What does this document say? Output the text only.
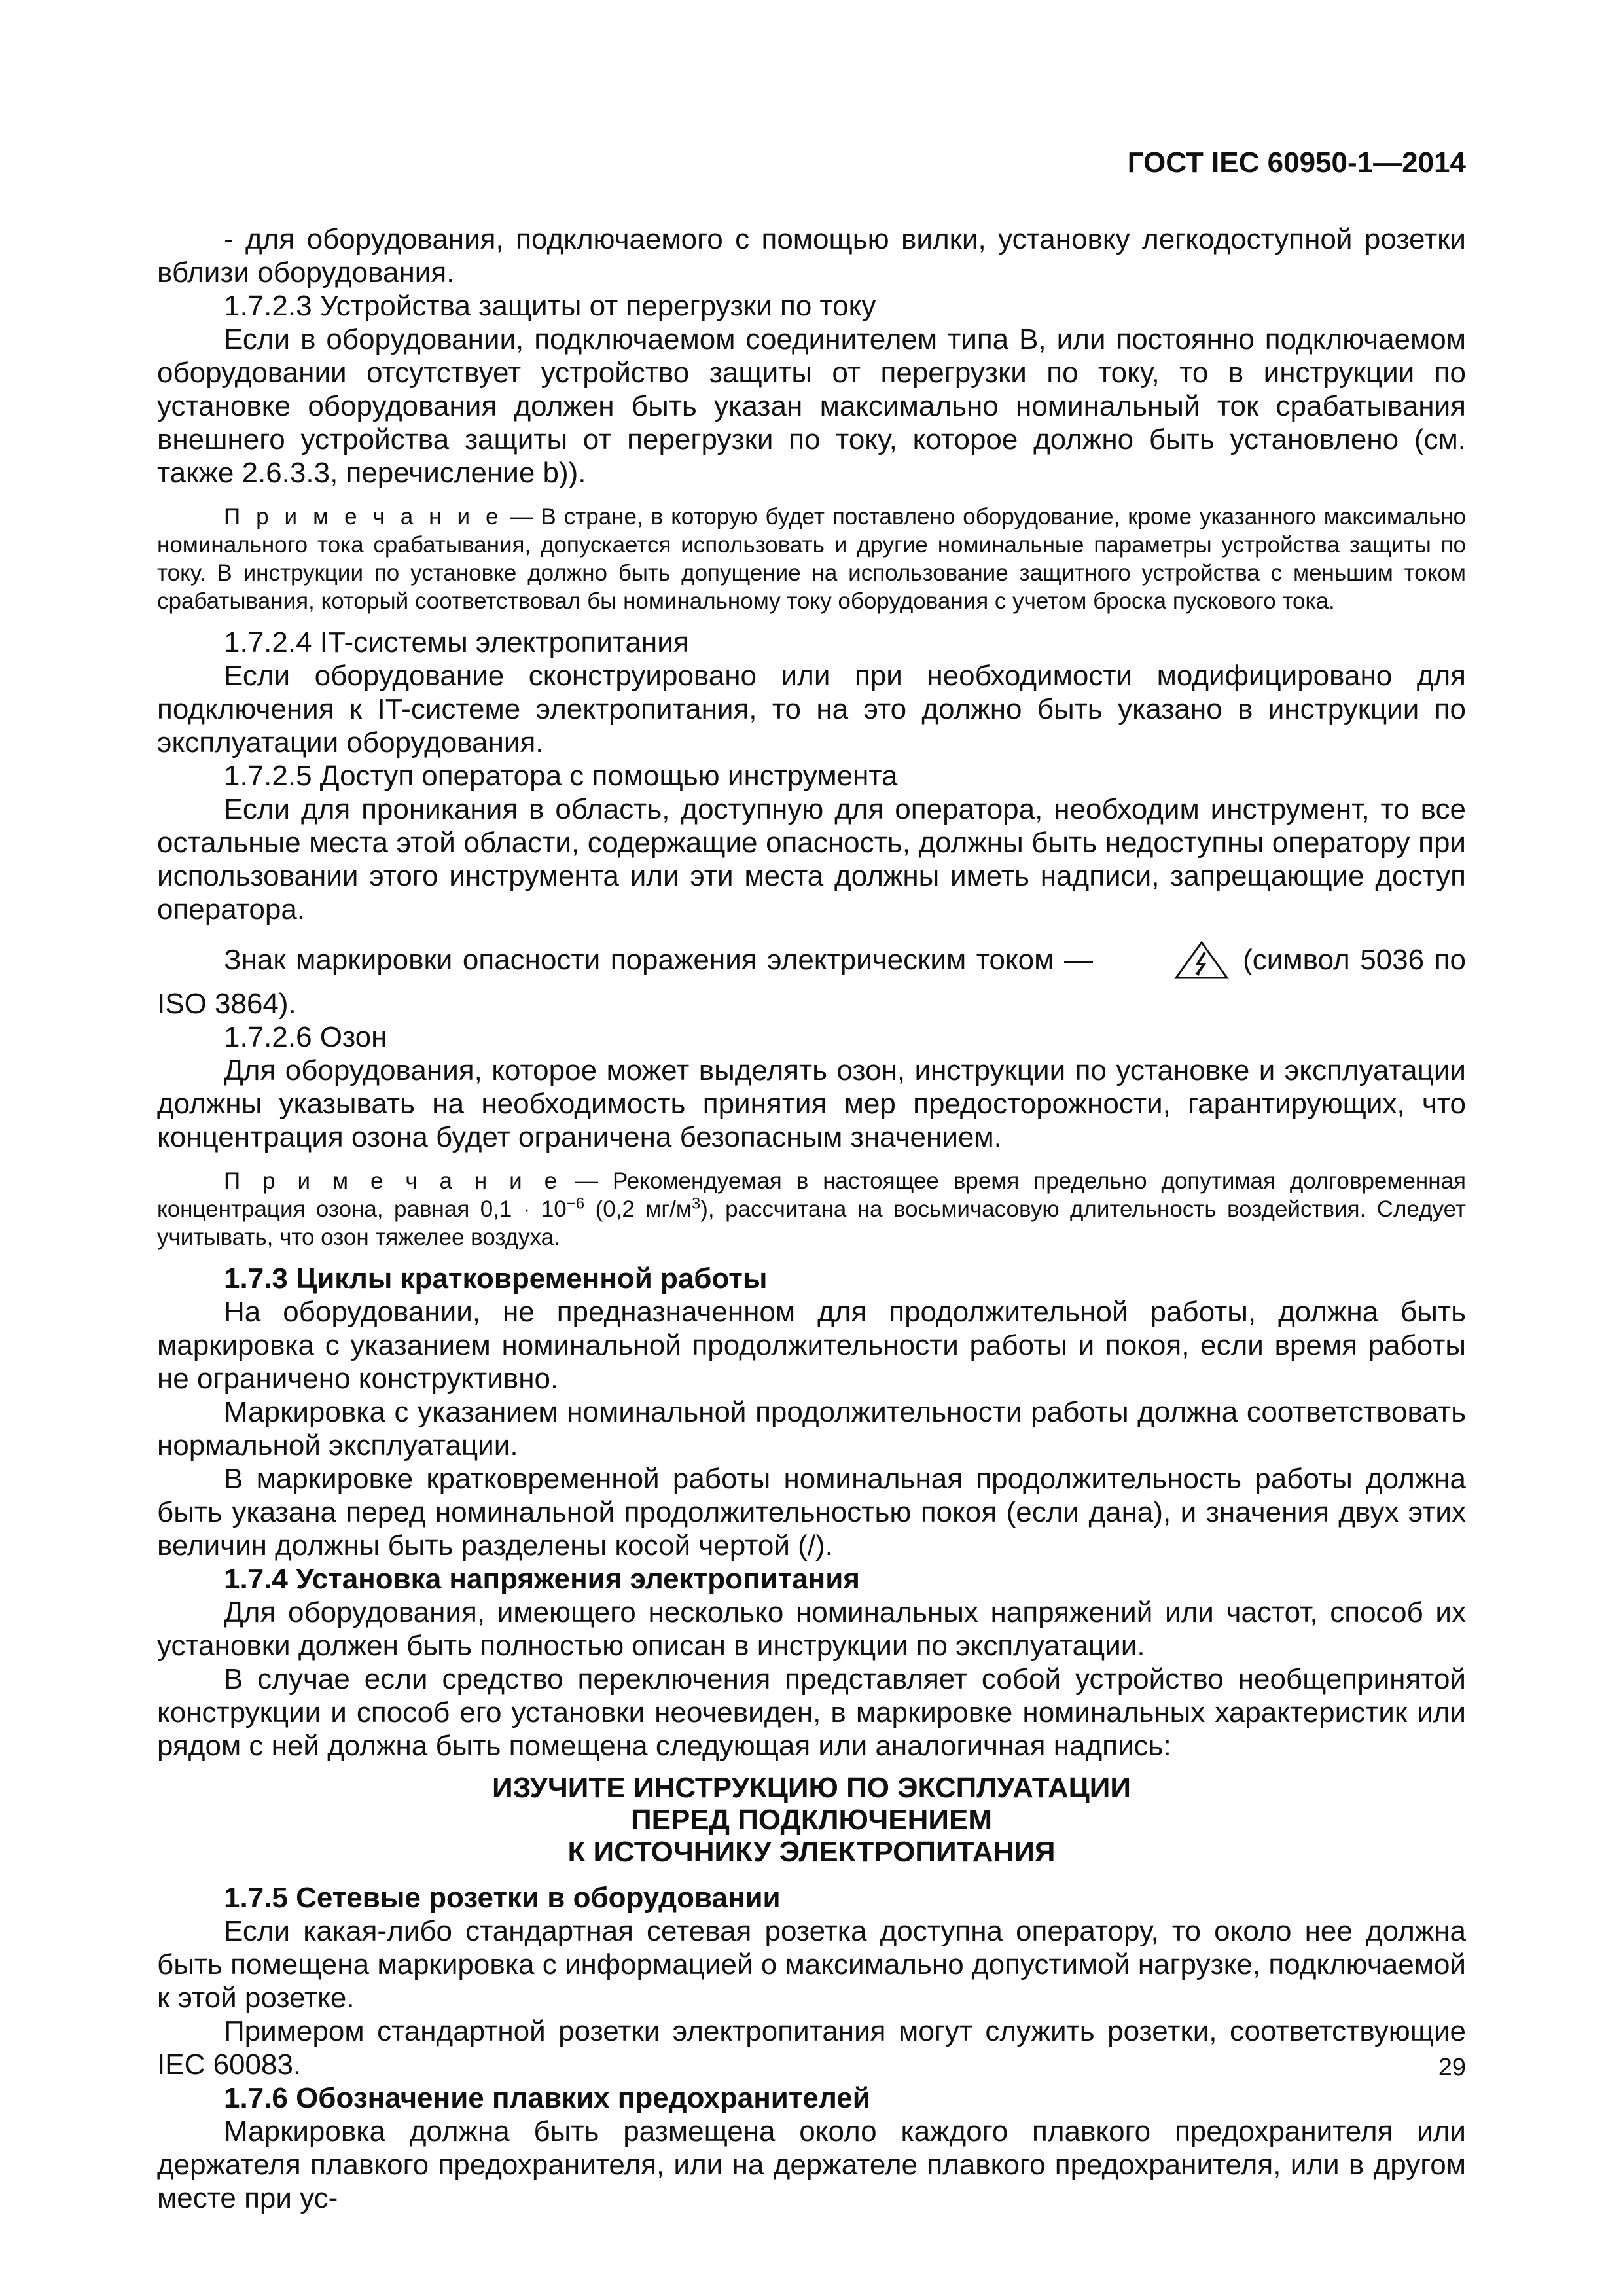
ГОСТ IEC 60950-1—2014

- для оборудования, подключаемого с помощью вилки, установку легкодоступной розетки вблизи оборудования.

1.7.2.3 Устройства защиты от перегрузки по току

Если в оборудовании, подключаемом соединителем типа B, или постоянно подключаемом оборудовании отсутствует устройство защиты от перегрузки по току, то в инструкции по установке оборудования должен быть указан максимально номинальный ток срабатывания внешнего устройства защиты от перегрузки по току, которое должно быть установлено (см. также 2.6.3.3, перечисление b)).

П р и м е ч а н и е — В стране, в которую будет поставлено оборудование, кроме указанного максимально номинального тока срабатывания, допускается использовать и другие номинальные параметры устройства защиты по току. В инструкции по установке должно быть допущение на использование защитного устройства с меньшим током срабатывания, который соответствовал бы номинальному току оборудования с учетом броска пускового тока.

1.7.2.4 IT-системы электропитания

Если оборудование сконструировано или при необходимости модифицировано для подключения к IT-системе электропитания, то на это должно быть указано в инструкции по эксплуатации оборудования.

1.7.2.5 Доступ оператора с помощью инструмента

Если для проникания в область, доступную для оператора, необходим инструмент, то все остальные места этой области, содержащие опасность, должны быть недоступны оператору при использовании этого инструмента или эти места должны иметь надписи, запрещающие доступ оператора.

Знак маркировки опасности поражения электрическим током —	(символ 5036 по ISO 3864).

1.7.2.6 Озон

Для оборудования, которое может выделять озон, инструкции по установке и эксплуатации должны указывать на необходимость принятия мер предосторожности, гарантирующих, что концентрация озона будет ограничена безопасным значением.

П р и м е ч а н и е — Рекомендуемая в настоящее время предельно допутимая долговременная концентрация озона, равная $0,1 \cdot 10^{-6}$ (0,2 $мг/м^3$), рассчитана на восьмичасовую длительность воздействия. Следует учитывать, что озон тяжелее воздуха.

1.7.3 Циклы кратковременной работы

На оборудовании, не предназначенном для продолжительной работы, должна быть маркировка с указанием номинальной продолжительности работы и покоя, если время работы не ограничено конструктивно.

Маркировка с указанием номинальной продолжительности работы должна соответствовать нормальной эксплуатации.

В маркировке кратковременной работы номинальная продолжительность работы должна быть указана перед номинальной продолжительностью покоя (если дана), и значения двух этих величин должны быть разделены косой чертой (/).

1.7.4 Установка напряжения электропитания

Для оборудования, имеющего несколько номинальных напряжений или частот, способ их установки должен быть полностью описан в инструкции по эксплуатации.

В случае если средство переключения представляет собой устройство необщепринятой конструкции и способ его установки неочевиден, в маркировке номинальных характеристик или рядом с ней должна быть помещена следующая или аналогичная надпись:

ИЗУЧИТЕ ИНСТРУКЦИЮ ПО ЭКСПЛУАТАЦИИ
ПЕРЕД ПОДКЛЮЧЕНИЕМ
К ИСТОЧНИКУ ЭЛЕКТРОПИТАНИЯ

1.7.5 Сетевые розетки в оборудовании

Если какая-либо стандартная сетевая розетка доступна оператору, то около нее должна быть помещена маркировка с информацией о максимально допустимой нагрузке, подключаемой к этой розетке.

Примером стандартной розетки электропитания могут служить розетки, соответствующие IEC 60083.

1.7.6 Обозначение плавких предохранителей

Маркировка должна быть размещена около каждого плавкого предохранителя или держателя плавкого предохранителя, или на держателе плавкого предохранителя, или в другом месте при ус-

29
